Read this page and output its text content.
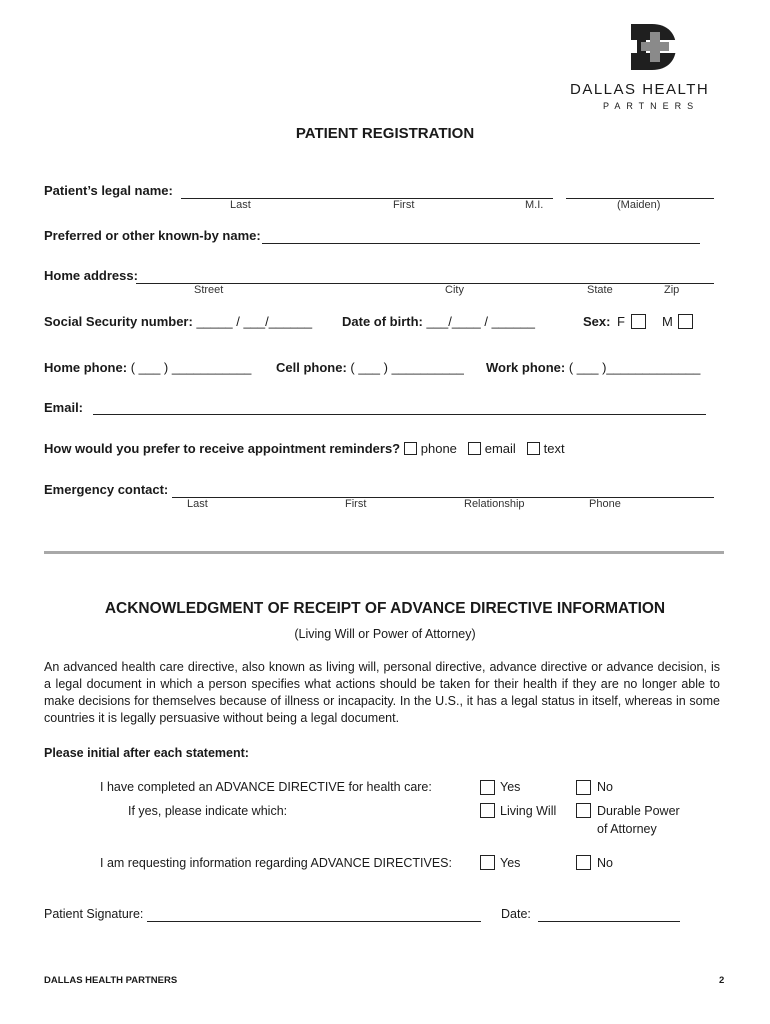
DALLAS HEALTH
PARTNERS
PATIENT REGISTRATION
Patient’s legal name:
Last	First	M.I.	(Maiden)
Preferred or other known-by name:
Home address:
Street	City	State	Zip
Social Security number: _____ / ___/______ Date of birth: ___/____ / ______	Sex: F	M
Home phone: ( ___ ) ___________ Cell phone: ( ___ ) __________ Work phone: ( ___ )_____________
Email:
How would you prefer to receive appointment reminders? phone email text
Emergency contact:
Last	First	Relationship	Phone
ACKNOWLEDGMENT OF RECEIPT OF ADVANCE DIRECTIVE INFORMATION
(Living Will or Power of Attorney)
An advanced health care directive, also known as living will, personal directive, advance directive or advance decision, is a legal document in which a person specifies what actions should be taken for their health if they are no longer able to make decisions for themselves because of illness or incapacity. In the U.S., it has a legal status in itself, whereas in some countries it is legally persuasive without being a legal document.
Please initial after each statement:
I have completed an ADVANCE DIRECTIVE for health care:	Yes	No
If yes, please indicate which:	Living Will	Durable Power
of Attorney
I am requesting information regarding ADVANCE DIRECTIVES:	Yes	No
Patient Signature:	Date:
DALLAS HEALTH PARTNERS	2
